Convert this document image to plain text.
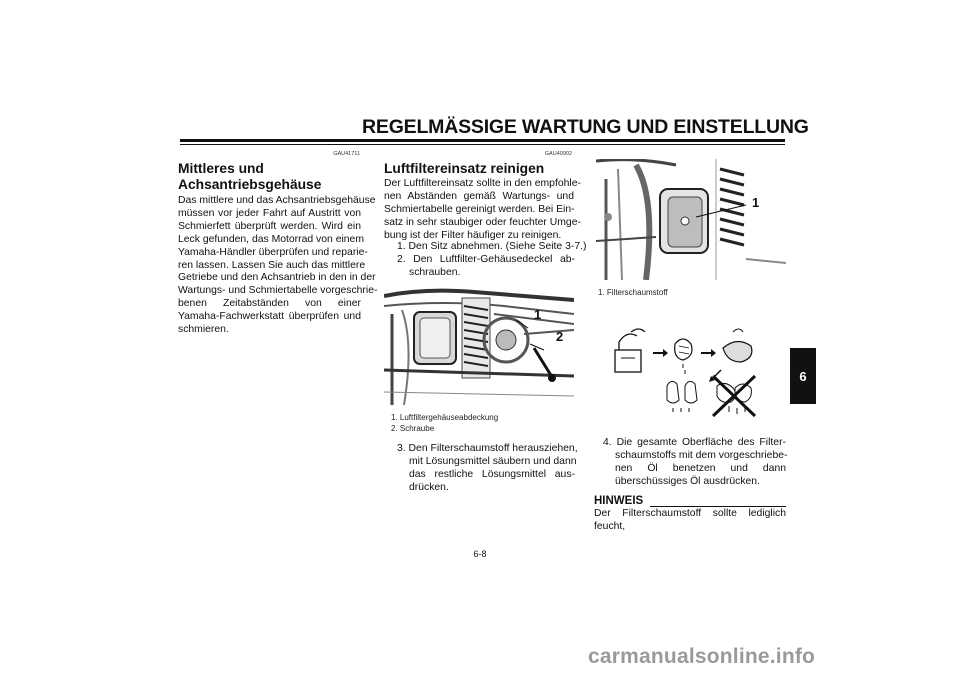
REGELMÄSSIGE WARTUNG UND EINSTELLUNG
6
GAU41711
Mittleres und
Achsantriebsgehäuse
Das mittlere und das Achsantriebsgehäuse
müssen vor jeder Fahrt auf Austritt von
Schmierfett überprüft werden. Wird ein
Leck gefunden, das Motorrad von einem
Yamaha-Händler überprüfen und reparie-
ren lassen. Lassen Sie auch das mittlere
Getriebe und den Achsantrieb in den in der
Wartungs- und Schmiertabelle vorgeschrie-
benen Zeitabständen von einer
Yamaha-Fachwerkstatt überprüfen und
schmieren.
GAU40902
Luftfiltereinsatz reinigen
Der Luftfiltereinsatz sollte in den empfohle-
nen Abständen gemäß Wartungs- und
Schmiertabelle gereinigt werden. Bei Ein-
satz in sehr staubiger oder feuchter Umge-
bung ist der Filter häufiger zu reinigen.
1. Den Sitz abnehmen. (Siehe Seite 3-7.)
2. Den Luftfilter-Gehäusedeckel ab-
schrauben.
1
2
1. Luftfiltergehäuseabdeckung
2. Schraube
3. Den Filterschaumstoff herausziehen,
mit Lösungsmittel säubern und dann
das restliche Lösungsmittel aus-
drücken.
1
1. Filterschaumstoff
4. Die gesamte Oberfläche des Filter-
schaumstoffs mit dem vorgeschriebe-
nen Öl benetzen und dann
überschüssiges Öl ausdrücken.
HINWEIS
Der Filterschaumstoff sollte lediglich feucht,
6-8
carmanualsonline.info
